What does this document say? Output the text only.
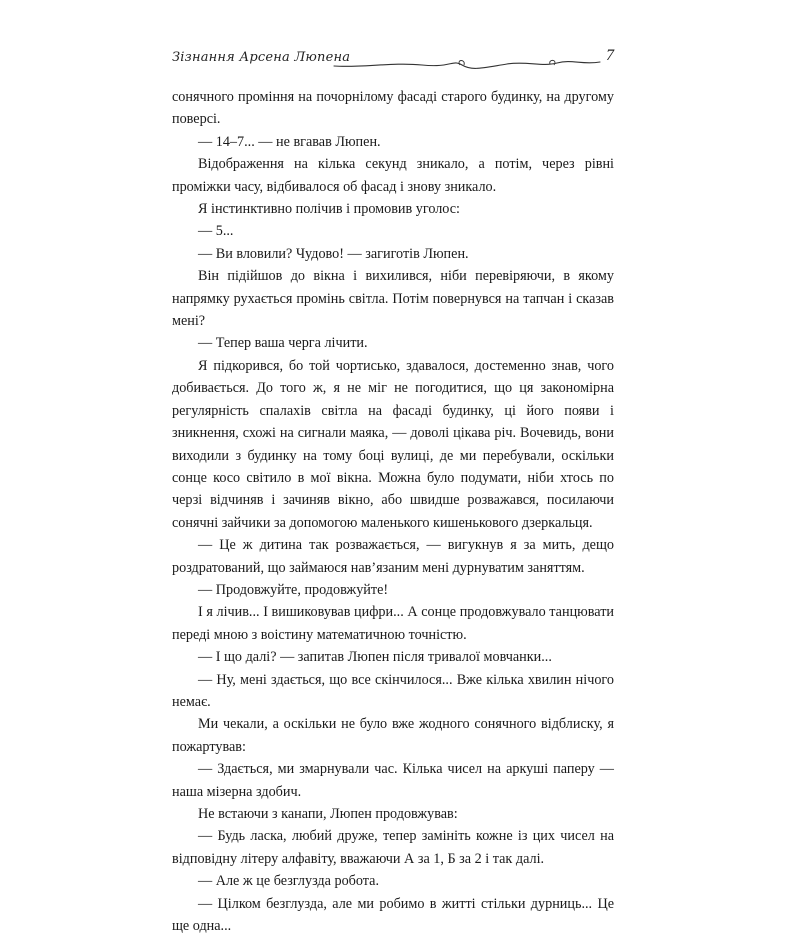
Зізнання Арсена Люпена	7

сонячного проміння на почорнілому фасаді старого будинку, на другому поверсі.

— 14–7... — не вгавав Люпен.

Відображення на кілька секунд зникало, а потім, через рівні проміжки часу, відбивалося об фасад і знову зникало.

Я інстинктивно полічив і промовив уголос:

— 5...

— Ви вловили? Чудово! — загиготів Люпен.

Він підійшов до вікна і вихилився, ніби перевіряючи, в якому напрямку рухається промінь світла. Потім повернувся на тапчан і сказав мені?

— Тепер ваша черга лічити.

Я підкорився, бо той чортисько, здавалося, достеменно знав, чого добивається. До того ж, я не міг не погодитися, що ця закономірна регулярність спалахів світла на фасаді будинку, ці його появи і зникнення, схожі на сигнали маяка, — доволі цікава річ. Вочевидь, вони виходили з будинку на тому боці вулиці, де ми перебували, оскільки сонце косо світило в мої вікна. Можна було подумати, ніби хтось по черзі відчиняв і зачиняв вікно, або швидше розважався, посилаючи сонячні зайчики за допомогою маленького кишенькового дзеркальця.

— Це ж дитина так розважається, — вигукнув я за мить, дещо роздратований, що займаюся нав’язаним мені дурнуватим заняттям.

— Продовжуйте, продовжуйте!

І я лічив... І вишиковував цифри... А сонце продовжувало танцювати переді мною з воістину математичною точністю.

— І що далі? — запитав Люпен після тривалої мовчанки...

— Ну, мені здається, що все скінчилося... Вже кілька хвилин нічого немає.

Ми чекали, а оскільки не було вже жодного сонячного відблиску, я пожартував:

— Здається, ми змарнували час. Кілька чисел на аркуші паперу — наша мізерна здобич.

Не встаючи з канапи, Люпен продовжував:

— Будь ласка, любий друже, тепер замініть кожне із цих чисел на відповідну літеру алфавіту, вважаючи А за 1, Б за 2 і так далі.

— Але ж це безглузда робота.

— Цілком безглузда, але ми робимо в житті стільки дурниць... Це ще одна...
